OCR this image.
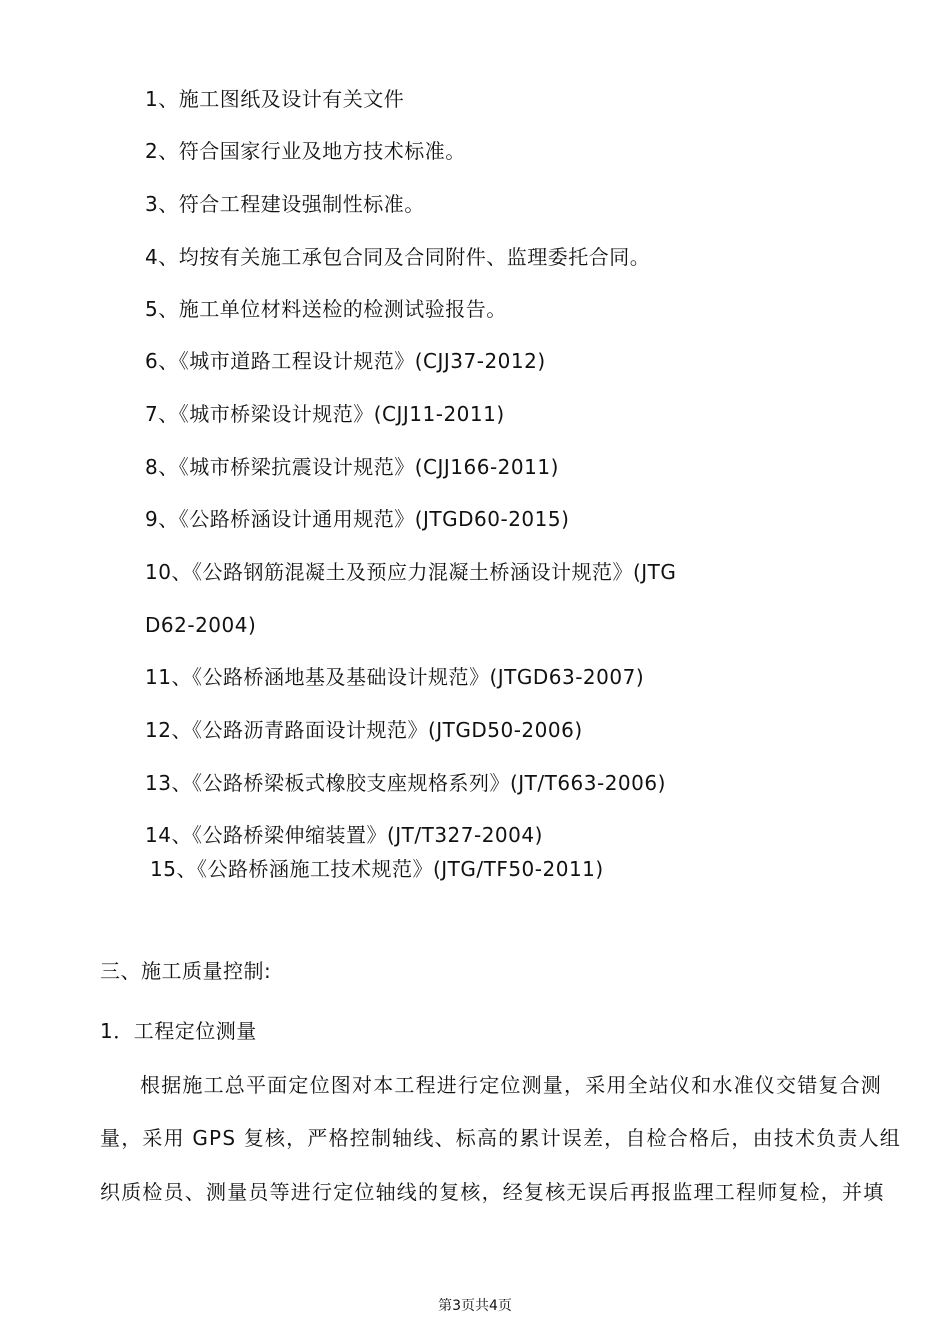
1、施工图纸及设计有关文件
2、符合国家行业及地方技术标准。
3、符合工程建设强制性标准。
4、均按有关施工承包合同及合同附件、监理委托合同。
5、施工单位材料送检的检测试验报告。
6、《城市道路工程设计规范》(CJJ37-2012)
7、《城市桥梁设计规范》(CJJ11-2011)
8、《城市桥梁抗震设计规范》(CJJ166-2011)
9、《公路桥涵设计通用规范》(JTGD60-2015)
10、《公路钢筋混凝土及预应力混凝土桥涵设计规范》(JTG
D62-2004)
11、《公路桥涵地基及基础设计规范》(JTGD63-2007)
12、《公路沥青路面设计规范》(JTGD50-2006)
13、《公路桥梁板式橡胶支座规格系列》(JT/T663-2006)
14、《公路桥梁伸缩装置》(JT/T327-2004)
15、《公路桥涵施工技术规范》(JTG/TF50-2011)
三、施工质量控制:
1．工程定位测量
根据施工总平面定位图对本工程进行定位测量，采用全站仪和水准仪交错复合测
量，采用 GPS 复核，严格控制轴线、标高的累计误差，自检合格后，由技术负责人组
织质检员、测量员等进行定位轴线的复核，经复核无误后再报监理工程师复检，并填
第3页共4页
